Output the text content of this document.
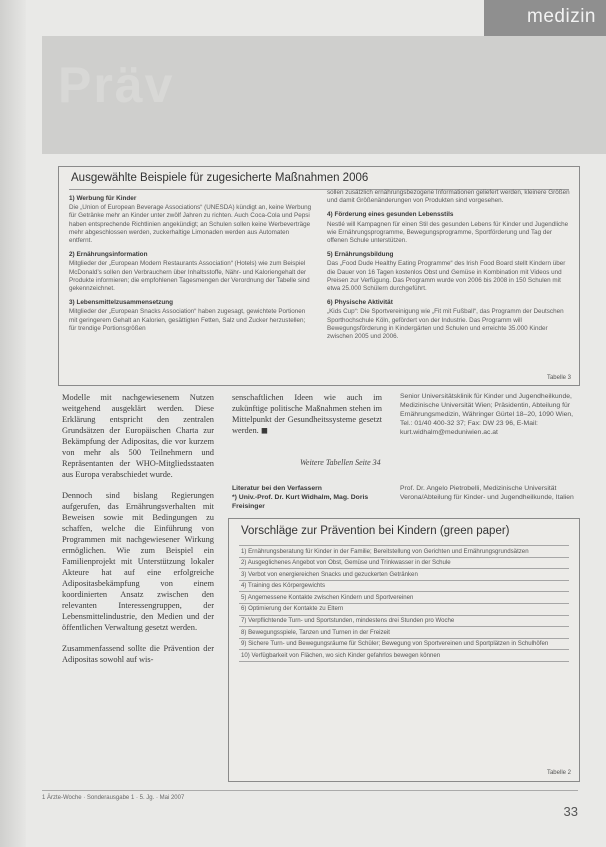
Präv
medizin
Ausgewählte Beispiele für zugesicherte Maßnahmen 2006
1) Werbung für Kinder

Die „Union of European Beverage Associations“ (UNESDA) kündigt an, keine Werbung für Getränke mehr an Kinder unter zwölf Jahren zu richten. Auch Coca-Cola und Pepsi haben entsprechende Richtlinien angekündigt; an Schulen sollen keine Werbeverträge mehr abgeschlossen werden, zuckerhaltige Limonaden werden aus Automaten entfernt.

2) Ernährungsinformation

Mitglieder der „European Modern Restaurants Association“ (Hotels) wie zum Beispiel McDonald’s sollen den Verbrauchern über Inhaltsstoffe, Nähr- und Kaloriengehalt der Produkte informieren; die empfohlenen Tagesmengen der Verordnung der Tabelle sind gekennzeichnet.

3) Lebensmittelzusammensetzung

Mitglieder der „European Snacks Association“ haben zugesagt, gewichtete Portionen mit geringerem Gehalt an Kalorien, gesättigten Fetten, Salz und Zucker herzustellen; für trendige Portionsgrößen

sollen zusätzlich ernährungsbezogene Informationen geliefert werden, kleinere Größen und damit Größenänderungen von Produkten sind vorgesehen.

4) Förderung eines gesunden Lebensstils

Nestlé will Kampagnen für einen Stil des gesunden Lebens für Kinder und Jugendliche wie Ernährungsprogramme, Bewegungsprogramme, Sportförderung und Tag der offenen Schule unterstützen.

5) Ernährungsbildung

Das „Food Dude Healthy Eating Programme“ des Irish Food Board stellt Kindern über die Dauer von 16 Tagen kostenlos Obst und Gemüse in Kombination mit Videos und Preisen zur Verfügung. Das Programm wurde von 2006 bis 2008 in 150 Schulen mit etwa 25.000 Schülern durchgeführt.

6) Physische Aktivität

„Kids Cup“: Die Sportvereinigung wie „Fit mit Fußball“, das Programm der Deutschen Sporthochschule Köln, gefördert von der Industrie. Das Programm will Bewegungsförderung in Kindergärten und Schulen und erreichte 35.000 Kinder zwischen 2005 und 2006.

Tabelle 3

Modelle mit nachgewiesenem Nutzen weitgehend ausgeklärt werden. Diese Erklärung entspricht den zentralen Grundsätzen der Europäischen Charta zur Bekämpfung der Adipositas, die vor kurzem von mehr als 500 Teilnehmern und Repräsentanten der WHO-Mitgliedsstaaten aus Europa verabschiedet wurde.

Dennoch sind bislang Regierungen aufgerufen, das Ernährungsverhalten mit Beweisen sowie mit Bedingungen zu schaffen, welche die Einführung von Programmen mit nachgewiesener Wirkung ermöglichen. Wie zum Beispiel ein Familienprojekt mit Unterstützung lokaler Akteure hat auf eine erfolgreiche Adipositasbekämpfung von einem koordinierten Ansatz zwischen den relevanten Interessengruppen, der Lebensmittelindustrie, den Medien und der öffentlichen Verwaltung gesetzt werden.

Zusammenfassend sollte die Prävention der Adipositas sowohl auf wis-

senschaftlichen Ideen wie auch im zukünftige politische Maßnahmen stehen im Mittelpunkt der Gesundheitssysteme gesetzt werden. ◼

Weitere Tabellen Seite 34
Senior Universitätsklinik für Kinder und Jugendheilkunde, Medizinische Universität Wien; Präsidentin, Abteilung für Ernährungsmedizin, Währinger Gürtel 18–20, 1090 Wien, Tel.: 01/40 400-32 37; Fax: DW 23 96, E-Mail: kurt.widhalm@meduniwien.ac.at
Literatur bei den Verfassern
*) Univ.-Prof. Dr. Kurt Widhalm, Mag. Doris Freisinger
Prof. Dr. Angelo Pietrobelli, Medizinische Universität Verona/Abteilung für Kinder- und Jugendheilkunde, Italien
Vorschläge zur Prävention bei Kindern (green paper)
1) Ernährungsberatung für Kinder in der Familie; Bereitstellung von Gerichten und Ernährungsgrundsätzen
2) Ausgeglichenes Angebot von Obst, Gemüse und Trinkwasser in der Schule
3) Verbot von energiereichen Snacks und gezuckerten Getränken
4) Training des Körpergewichts
5) Angemessene Kontakte zwischen Kindern und Sportvereinen
6) Optimierung der Kontakte zu Eltern
7) Verpflichtende Turn- und Sportstunden, mindestens drei Stunden pro Woche
8) Bewegungsspiele, Tanzen und Turnen in der Freizeit
9) Sichere Turn- und Bewegungsräume für Schüler; Bewegung von Sportvereinen und Sportplätzen in Schulhöfen
10) Verfügbarkeit von Flächen, wo sich Kinder gefahrlos bewegen können
Tabelle 2
1 Ärzte-Woche · Sonderausgabe 1 · 5. Jg. · Mai 2007
33
